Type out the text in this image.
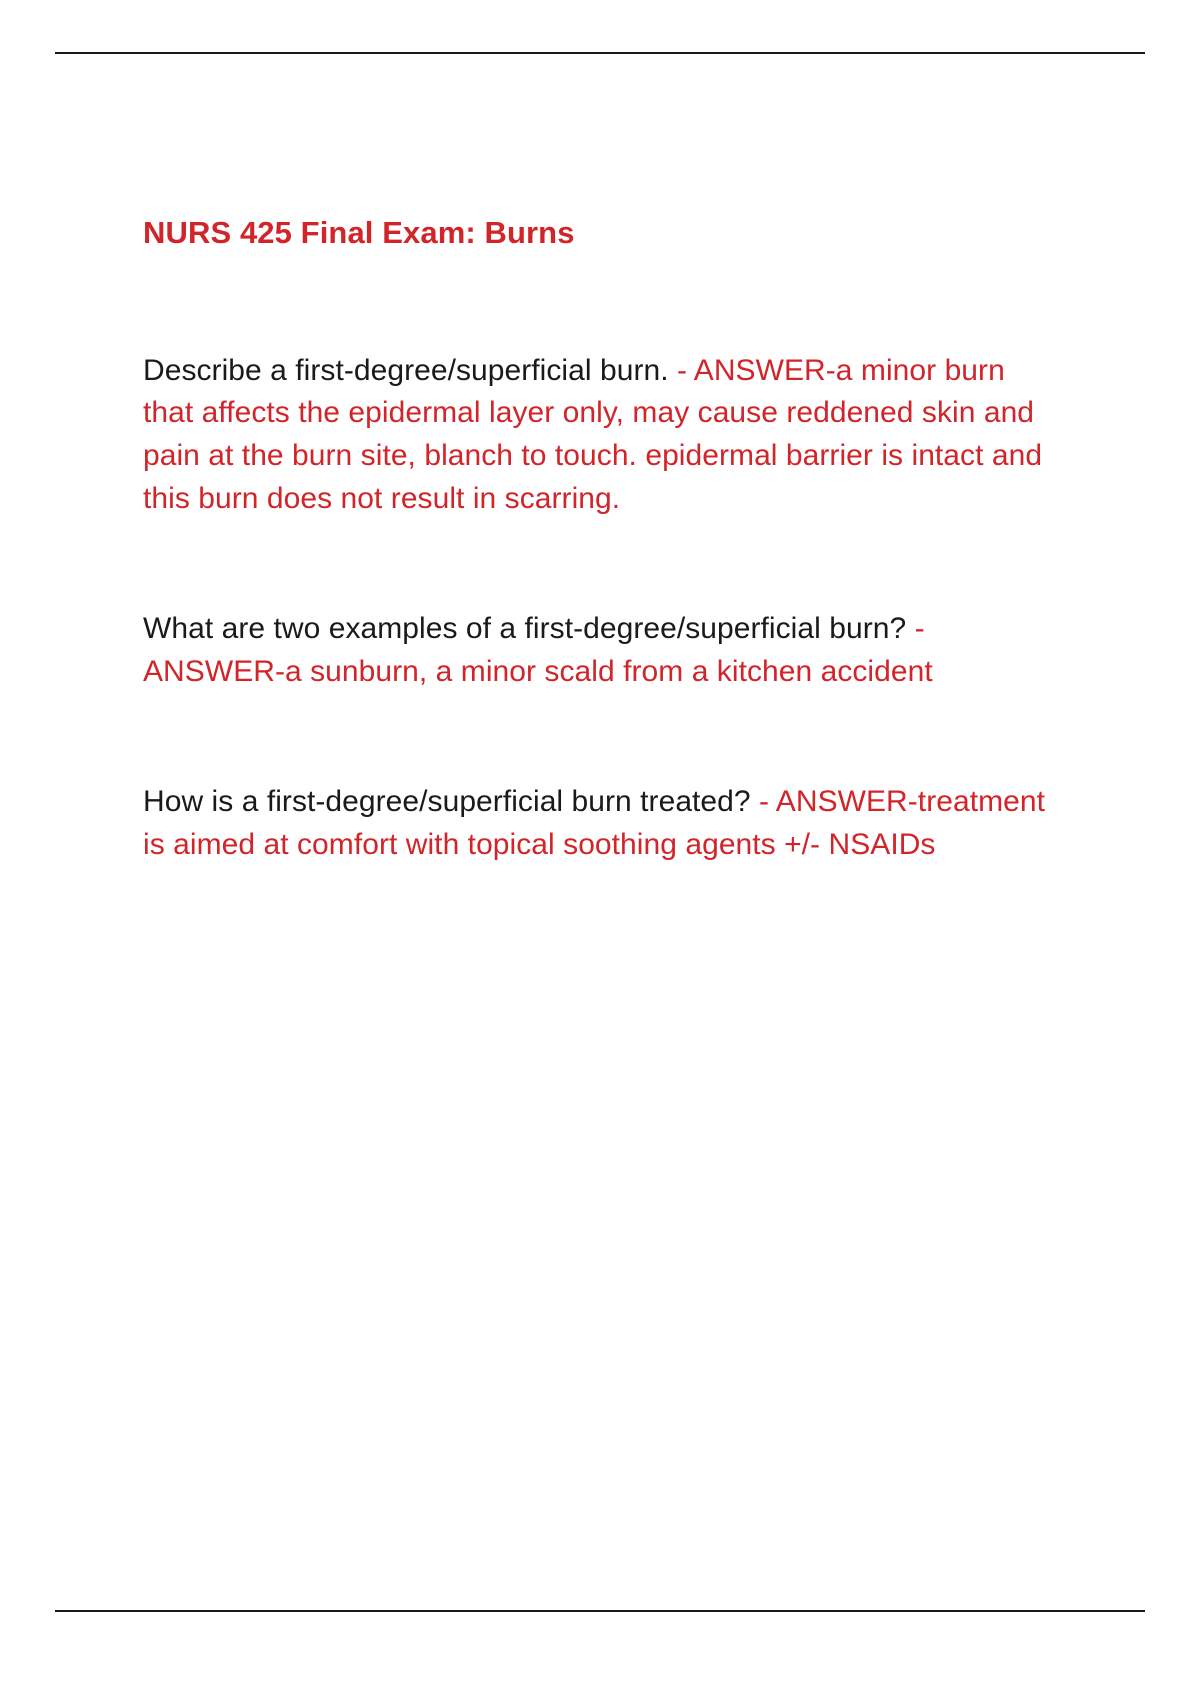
NURS 425 Final Exam: Burns

Describe a first-degree/superficial burn. - ANSWER-a minor burn that affects the epidermal layer only, may cause reddened skin and pain at the burn site, blanch to touch. epidermal barrier is intact and this burn does not result in scarring.

What are two examples of a first-degree/superficial burn? - ANSWER-a sunburn, a minor scald from a kitchen accident

How is a first-degree/superficial burn treated? - ANSWER-treatment is aimed at comfort with topical soothing agents +/- NSAIDs
